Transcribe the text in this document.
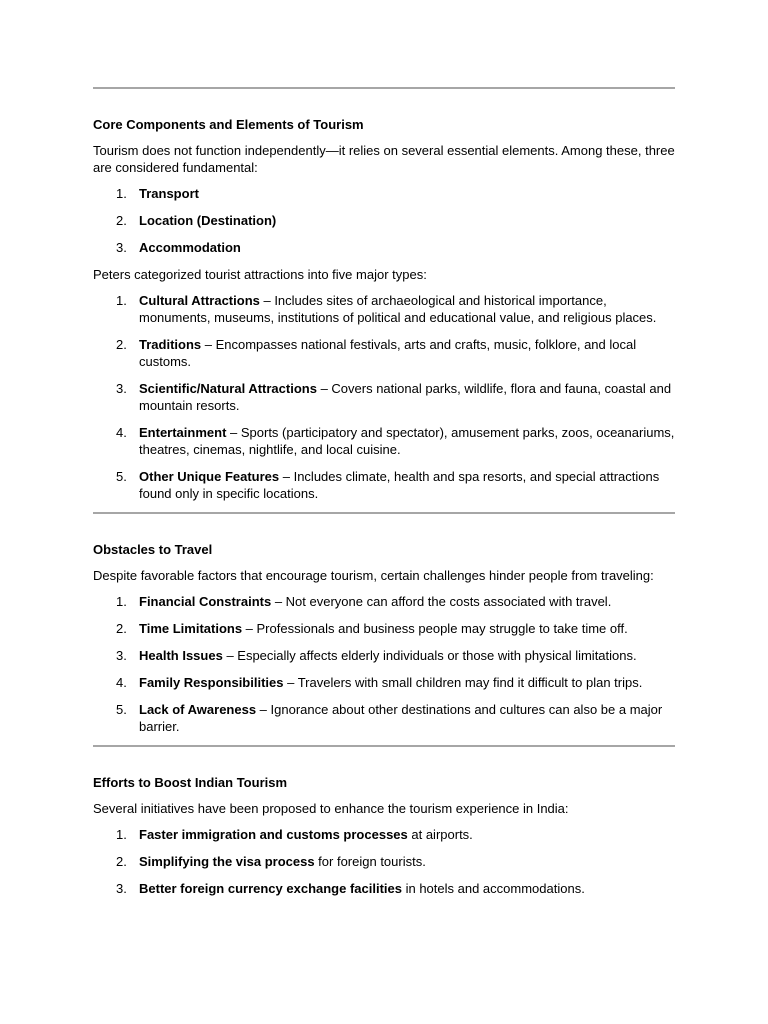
Core Components and Elements of Tourism
Tourism does not function independently—it relies on several essential elements. Among these, three are considered fundamental:
1. Transport
2. Location (Destination)
3. Accommodation
Peters categorized tourist attractions into five major types:
1. Cultural Attractions – Includes sites of archaeological and historical importance, monuments, museums, institutions of political and educational value, and religious places.
2. Traditions – Encompasses national festivals, arts and crafts, music, folklore, and local customs.
3. Scientific/Natural Attractions – Covers national parks, wildlife, flora and fauna, coastal and mountain resorts.
4. Entertainment – Sports (participatory and spectator), amusement parks, zoos, oceanariums, theatres, cinemas, nightlife, and local cuisine.
5. Other Unique Features – Includes climate, health and spa resorts, and special attractions found only in specific locations.
Obstacles to Travel
Despite favorable factors that encourage tourism, certain challenges hinder people from traveling:
1. Financial Constraints – Not everyone can afford the costs associated with travel.
2. Time Limitations – Professionals and business people may struggle to take time off.
3. Health Issues – Especially affects elderly individuals or those with physical limitations.
4. Family Responsibilities – Travelers with small children may find it difficult to plan trips.
5. Lack of Awareness – Ignorance about other destinations and cultures can also be a major barrier.
Efforts to Boost Indian Tourism
Several initiatives have been proposed to enhance the tourism experience in India:
1. Faster immigration and customs processes at airports.
2. Simplifying the visa process for foreign tourists.
3. Better foreign currency exchange facilities in hotels and accommodations.
